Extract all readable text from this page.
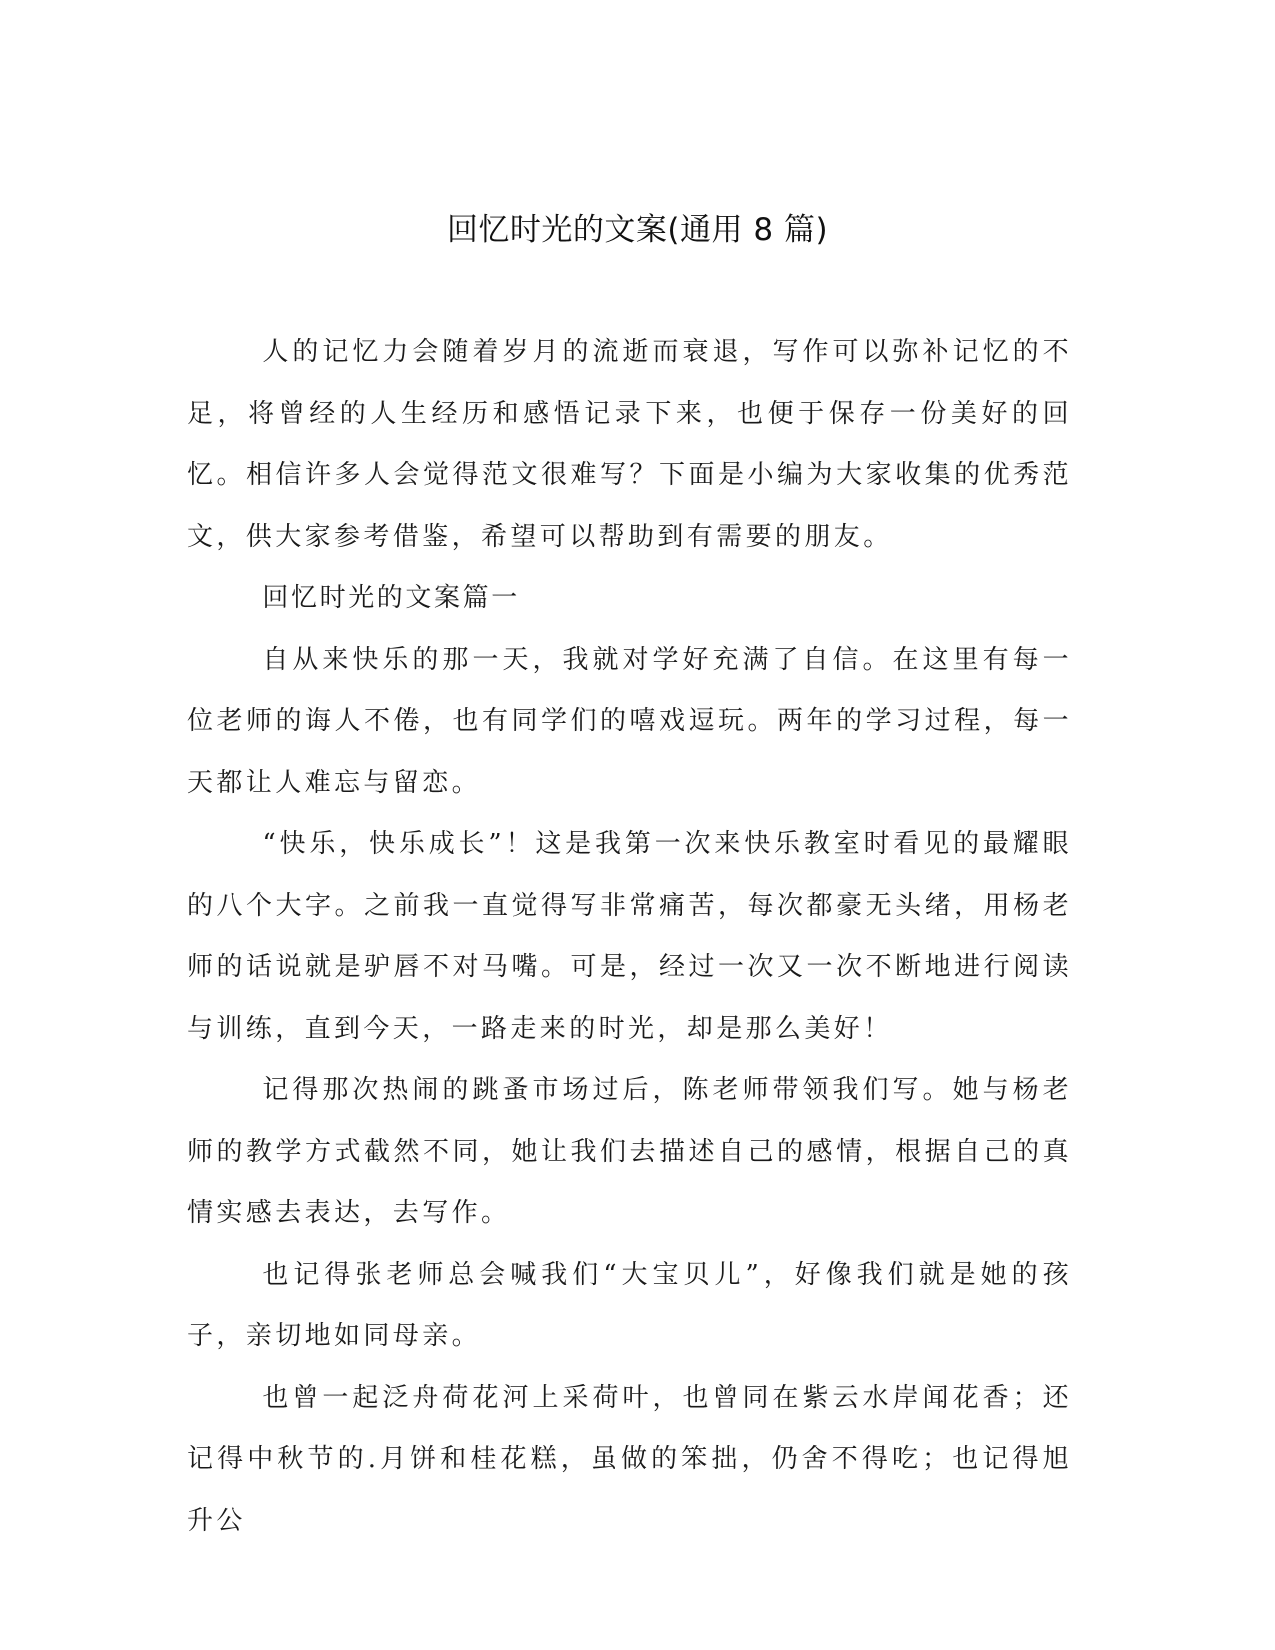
回忆时光的文案(通用 8 篇)

人的记忆力会随着岁月的流逝而衰退，写作可以弥补记忆的不足，将曾经的人生经历和感悟记录下来，也便于保存一份美好的回忆。相信许多人会觉得范文很难写？下面是小编为大家收集的优秀范文，供大家参考借鉴，希望可以帮助到有需要的朋友。

回忆时光的文案篇一

自从来快乐的那一天，我就对学好充满了自信。在这里有每一位老师的诲人不倦，也有同学们的嘻戏逗玩。两年的学习过程，每一天都让人难忘与留恋。

“快乐，快乐成长”！这是我第一次来快乐教室时看见的最耀眼的八个大字。之前我一直觉得写非常痛苦，每次都豪无头绪，用杨老师的话说就是驴唇不对马嘴。可是，经过一次又一次不断地进行阅读与训练，直到今天，一路走来的时光，却是那么美好！

记得那次热闹的跳蚤市场过后，陈老师带领我们写。她与杨老师的教学方式截然不同，她让我们去描述自己的感情，根据自己的真情实感去表达，去写作。

也记得张老师总会喊我们“大宝贝儿”，好像我们就是她的孩子，亲切地如同母亲。

也曾一起泛舟荷花河上采荷叶，也曾同在紫云水岸闻花香；还记得中秋节的.月饼和桂花糕，虽做的笨拙，仍舍不得吃；也记得旭升公
